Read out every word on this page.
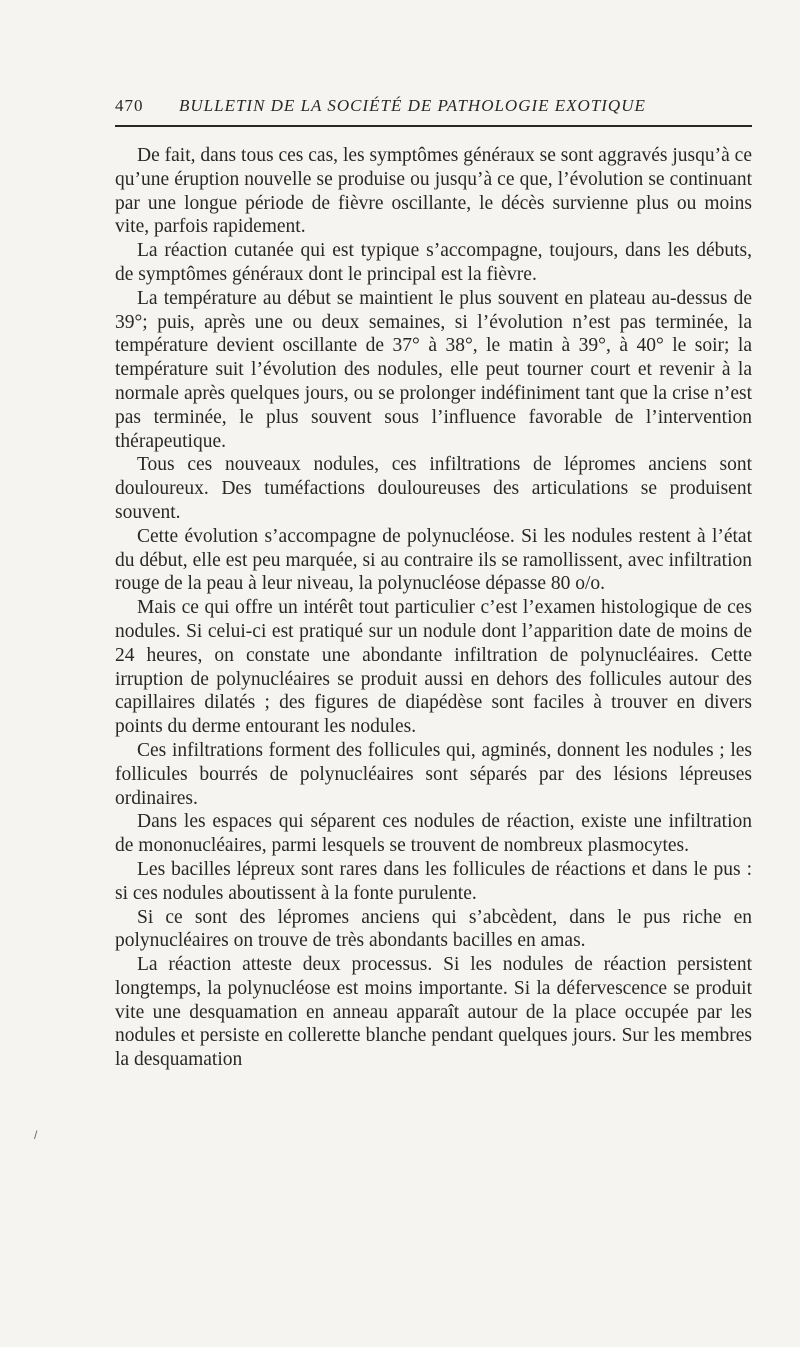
470	BULLETIN DE LA SOCIÉTÉ DE PATHOLOGIE EXOTIQUE

De fait, dans tous ces cas, les symptômes généraux se sont aggravés jusqu’à ce qu’une éruption nouvelle se produise ou jusqu’à ce que, l’évolution se continuant par une longue période de fièvre oscillante, le décès survienne plus ou moins vite, parfois rapidement.

La réaction cutanée qui est typique s’accompagne, toujours, dans les débuts, de symptômes généraux dont le principal est la fièvre.

La température au début se maintient le plus souvent en plateau au-dessus de 39°; puis, après une ou deux semaines, si l’évolution n’est pas terminée, la température devient oscillante de 37° à 38°, le matin à 39°, à 40° le soir; la température suit l’évolution des nodules, elle peut tourner court et revenir à la normale après quelques jours, ou se prolonger indéfiniment tant que la crise n’est pas terminée, le plus souvent sous l’influence favorable de l’intervention thérapeutique.

Tous ces nouveaux nodules, ces infiltrations de lépromes anciens sont douloureux. Des tuméfactions douloureuses des articulations se produisent souvent.

Cette évolution s’accompagne de polynucléose. Si les nodules restent à l’état du début, elle est peu marquée, si au contraire ils se ramollissent, avec infiltration rouge de la peau à leur niveau, la polynucléose dépasse 80 o/o.

Mais ce qui offre un intérêt tout particulier c’est l’examen histologique de ces nodules. Si celui-ci est pratiqué sur un nodule dont l’apparition date de moins de 24 heures, on constate une abondante infiltration de polynucléaires. Cette irruption de polynucléaires se produit aussi en dehors des follicules autour des capillaires dilatés ; des figures de diapédèse sont faciles à trouver en divers points du derme entourant les nodules.

Ces infiltrations forment des follicules qui, agminés, donnent les nodules ; les follicules bourrés de polynucléaires sont séparés par des lésions lépreuses ordinaires.

Dans les espaces qui séparent ces nodules de réaction, existe une infiltration de mononucléaires, parmi lesquels se trouvent de nombreux plasmocytes.

Les bacilles lépreux sont rares dans les follicules de réactions et dans le pus : si ces nodules aboutissent à la fonte purulente.

Si ce sont des lépromes anciens qui s’abcèdent, dans le pus riche en polynucléaires on trouve de très abondants bacilles en amas.

La réaction atteste deux processus. Si les nodules de réaction persistent longtemps, la polynucléose est moins importante. Si la défervescence se produit vite une desquamation en anneau apparaît autour de la place occupée par les nodules et persiste en collerette blanche pendant quelques jours. Sur les membres la desquamation

/
